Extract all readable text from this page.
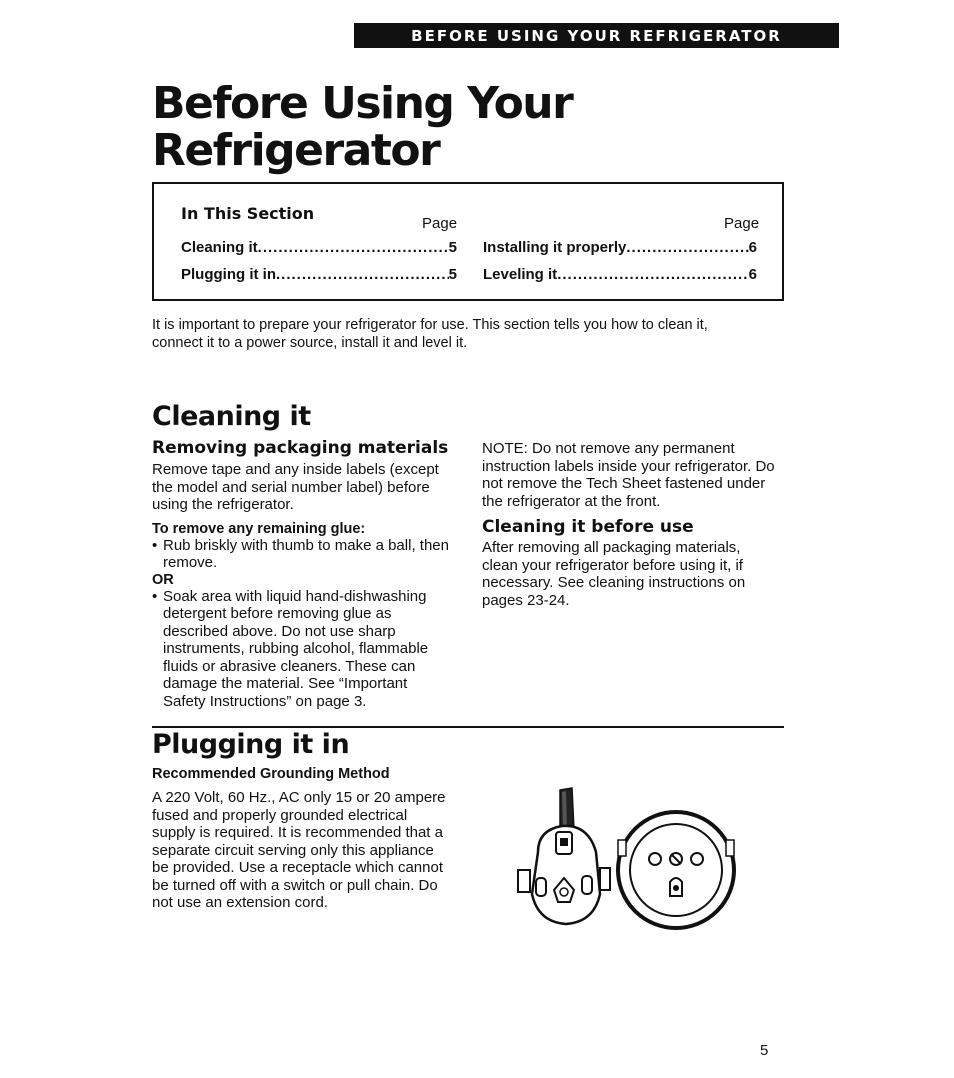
BEFORE USING YOUR REFRIGERATOR
Before Using Your
Refrigerator
In This Section
Page	Page
Cleaning it .....	5
Plugging it in .....	5
Installing it properly .....	6
Leveling it .....	6

It is important to prepare your refrigerator for use. This section tells you how to clean it,

connect it to a power source, install it and level it.

Cleaning it
Removing packaging materials
Remove tape and any inside labels (except
the model and serial number label) before
using the refrigerator.
To remove any remaining glue:
• Rub briskly with thumb to make a ball, then
remove.
OR
• Soak area with liquid hand-dishwashing
detergent before removing glue as
described above. Do not use sharp
instruments, rubbing alcohol, flammable
fluids or abrasive cleaners. These can
damage the material. See “Important
Safety Instructions” on page 3.
NOTE: Do not remove any permanent
instruction labels inside your refrigerator. Do
not remove the Tech Sheet fastened under
the refrigerator at the front.
Cleaning it before use
After removing all packaging materials,
clean your refrigerator before using it, if
necessary. See cleaning instructions on
pages 23-24.
Plugging it in
Recommended Grounding Method
A 220 Volt, 60 Hz., AC only 15 or 20 ampere
fused and properly grounded electrical
supply is required. It is recommended that a
separate circuit serving only this appliance
be provided. Use a receptacle which cannot
be turned off with a switch or pull chain. Do
not use an extension cord.
5
